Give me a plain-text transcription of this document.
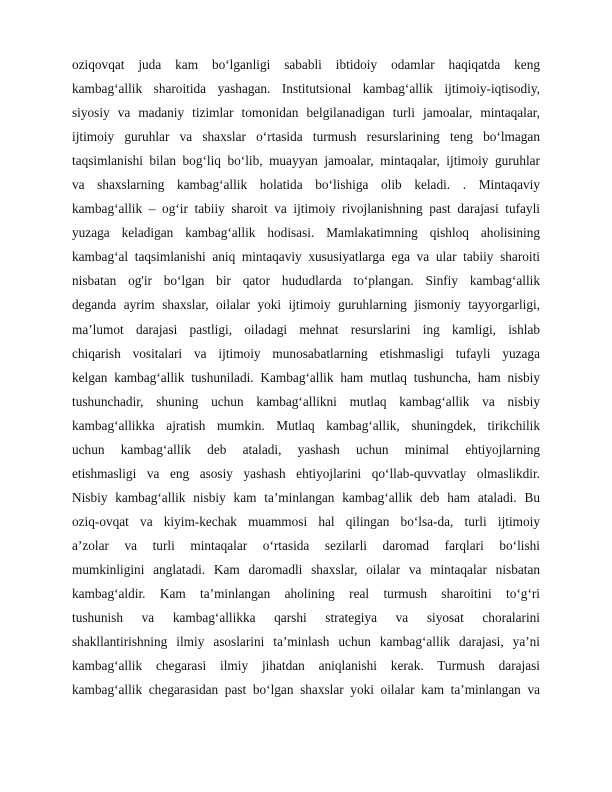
oziqovqat juda kam bo‘lganligi sababli ibtidoiy odamlar haqiqatda keng
kambag‘allik sharoitida yashagan. Institutsional kambag‘allik ijtimoiy-iqtisodiy,
siyosiy va madaniy tizimlar tomonidan belgilanadigan turli jamoalar, mintaqalar,
ijtimoiy guruhlar va shaxslar o‘rtasida turmush resurslarining teng bo‘lmagan
taqsimlanishi bilan bog‘liq bo‘lib, muayyan jamoalar, mintaqalar, ijtimoiy guruhlar
va shaxslarning kambag‘allik holatida bo‘lishiga olib keladi. . Mintaqaviy
kambag‘allik – og‘ir tabiiy sharoit va ijtimoiy rivojlanishning past darajasi tufayli
yuzaga keladigan kambag‘allik hodisasi. Mamlakatimning qishloq aholisining
kambag‘al taqsimlanishi aniq mintaqaviy xususiyatlarga ega va ular tabiiy sharoiti
nisbatan og'ir bo‘lgan bir qator hududlarda to‘plangan. Sinfiy kambag‘allik
deganda ayrim shaxslar, oilalar yoki ijtimoiy guruhlarning jismoniy tayyorgarligi,
ma’lumot darajasi pastligi, oiladagi mehnat resurslarini ing kamligi, ishlab
chiqarish vositalari va ijtimoiy munosabatlarning etishmasligi tufayli yuzaga
kelgan kambag‘allik tushuniladi. Kambag‘allik ham mutlaq tushuncha, ham nisbiy
tushunchadir, shuning uchun kambag‘allikni mutlaq kambag‘allik va nisbiy
kambag‘allikka ajratish mumkin. Mutlaq kambag‘allik, shuningdek, tirikchilik
uchun kambag‘allik deb ataladi, yashash uchun minimal ehtiyojlarning
etishmasligi va eng asosiy yashash ehtiyojlarini qo‘llab-quvvatlay olmaslikdir.
Nisbiy kambag‘allik nisbiy kam ta’minlangan kambag‘allik deb ham ataladi. Bu
oziq-ovqat va kiyim-kechak muammosi hal qilingan bo‘lsa-da, turli ijtimoiy
a’zolar va turli mintaqalar o‘rtasida sezilarli daromad farqlari bo‘lishi
mumkinligini anglatadi. Kam daromadli shaxslar, oilalar va mintaqalar nisbatan
kambag‘aldir. Kam ta’minlangan aholining real turmush sharoitini to‘g‘ri
tushunish va kambag‘allikka qarshi strategiya va siyosat choralarini
shakllantirishning ilmiy asoslarini ta’minlash uchun kambag‘allik darajasi, ya’ni
kambag‘allik chegarasi ilmiy jihatdan aniqlanishi kerak. Turmush darajasi
kambag‘allik chegarasidan past bo‘lgan shaxslar yoki oilalar kam ta’minlangan va
